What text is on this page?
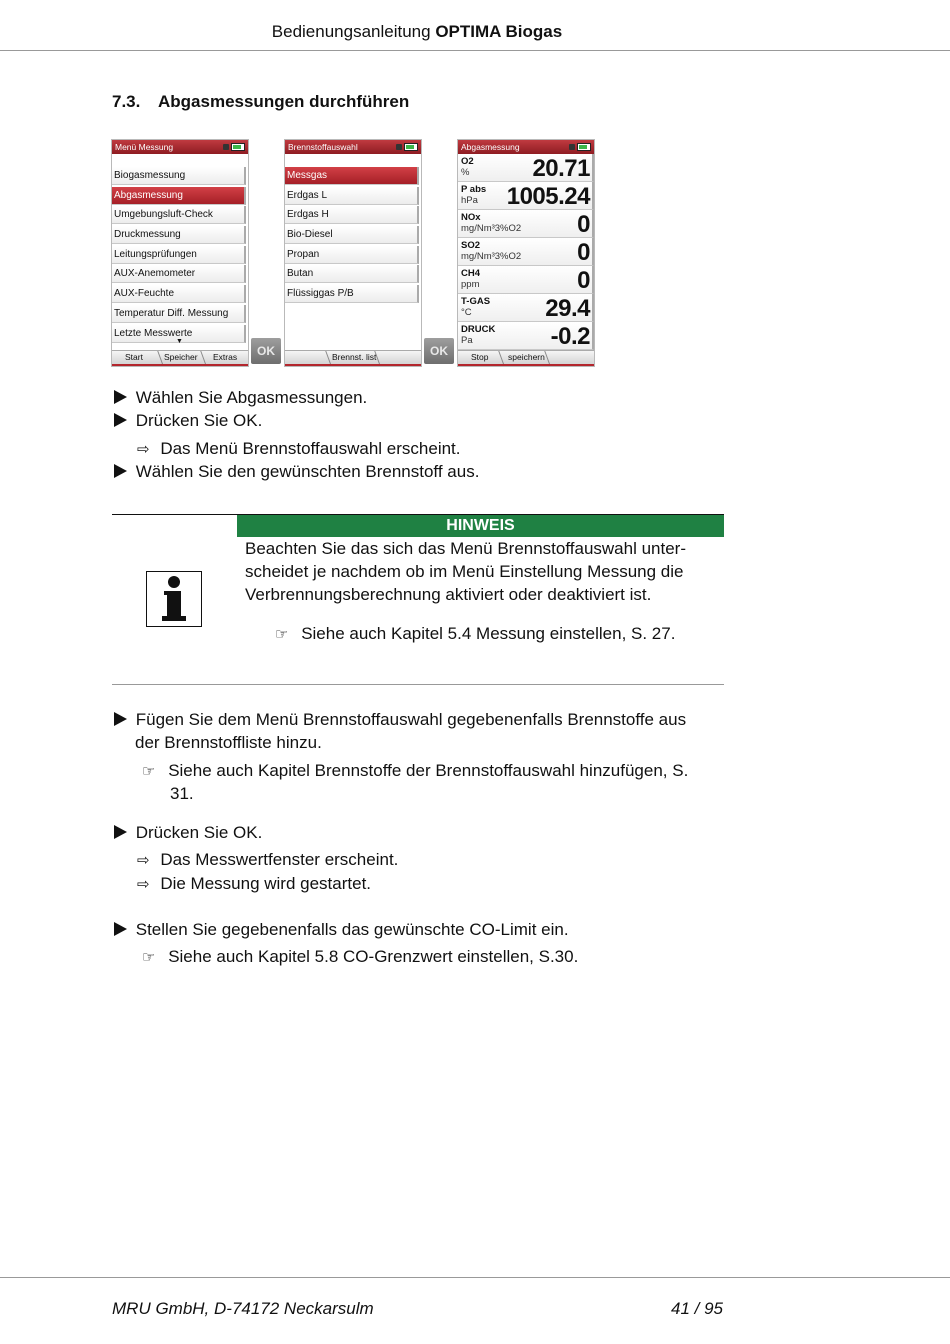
Bedienungsanleitung OPTIMA Biogas
7.3. Abgasmessungen durchführen
Menü Messung
Biogasmessung
Abgasmessung
Umgebungsluft-Check
Druckmessung
Leitungsprüfungen
AUX-Anemometer
AUX-Feuchte
Temperatur Diff. Messung
Letzte Messwerte
▼
Start Speicher Extras	OK
Brennstoffauswahl
Messgas
Erdgas L
Erdgas H
Bio-Diesel
Propan
Butan
Flüssiggas P/B
Brennst. list	OK
Abgasmessung
O2
%	20.71
P abs
hPa 1005.24
NOx
mg/Nm³3%O2 0
SO2
mg/Nm³3%O2 0
CH4
ppm	0
T-GAS
°C	29.4
DRUCK
Pa	-0.2
Stop speichern
Wählen Sie Abgasmessungen.
Drücken Sie OK.
⇨ Das Menü Brennstoffauswahl erscheint.
Wählen Sie den gewünschten Brennstoff aus.
HINWEIS
Beachten Sie das sich das Menü Brennstoffauswahl unter-
scheidet je nachdem ob im Menü Einstellung Messung die
Verbrennungsberechnung aktiviert oder deaktiviert ist.
☞ Siehe auch Kapitel 5.4 Messung einstellen, S. 27.
Fügen Sie dem Menü Brennstoffauswahl gegebenenfalls Brennstoffe aus
der Brennstoffliste hinzu.
☞ Siehe auch Kapitel Brennstoffe der Brennstoffauswahl hinzufügen, S.
31.
Drücken Sie OK.
⇨ Das Messwertfenster erscheint.
⇨ Die Messung wird gestartet.
Stellen Sie gegebenenfalls das gewünschte CO-Limit ein.
☞ Siehe auch Kapitel 5.8 CO-Grenzwert einstellen, S.30.
MRU GmbH, D-74172 Neckarsulm	41 / 95
